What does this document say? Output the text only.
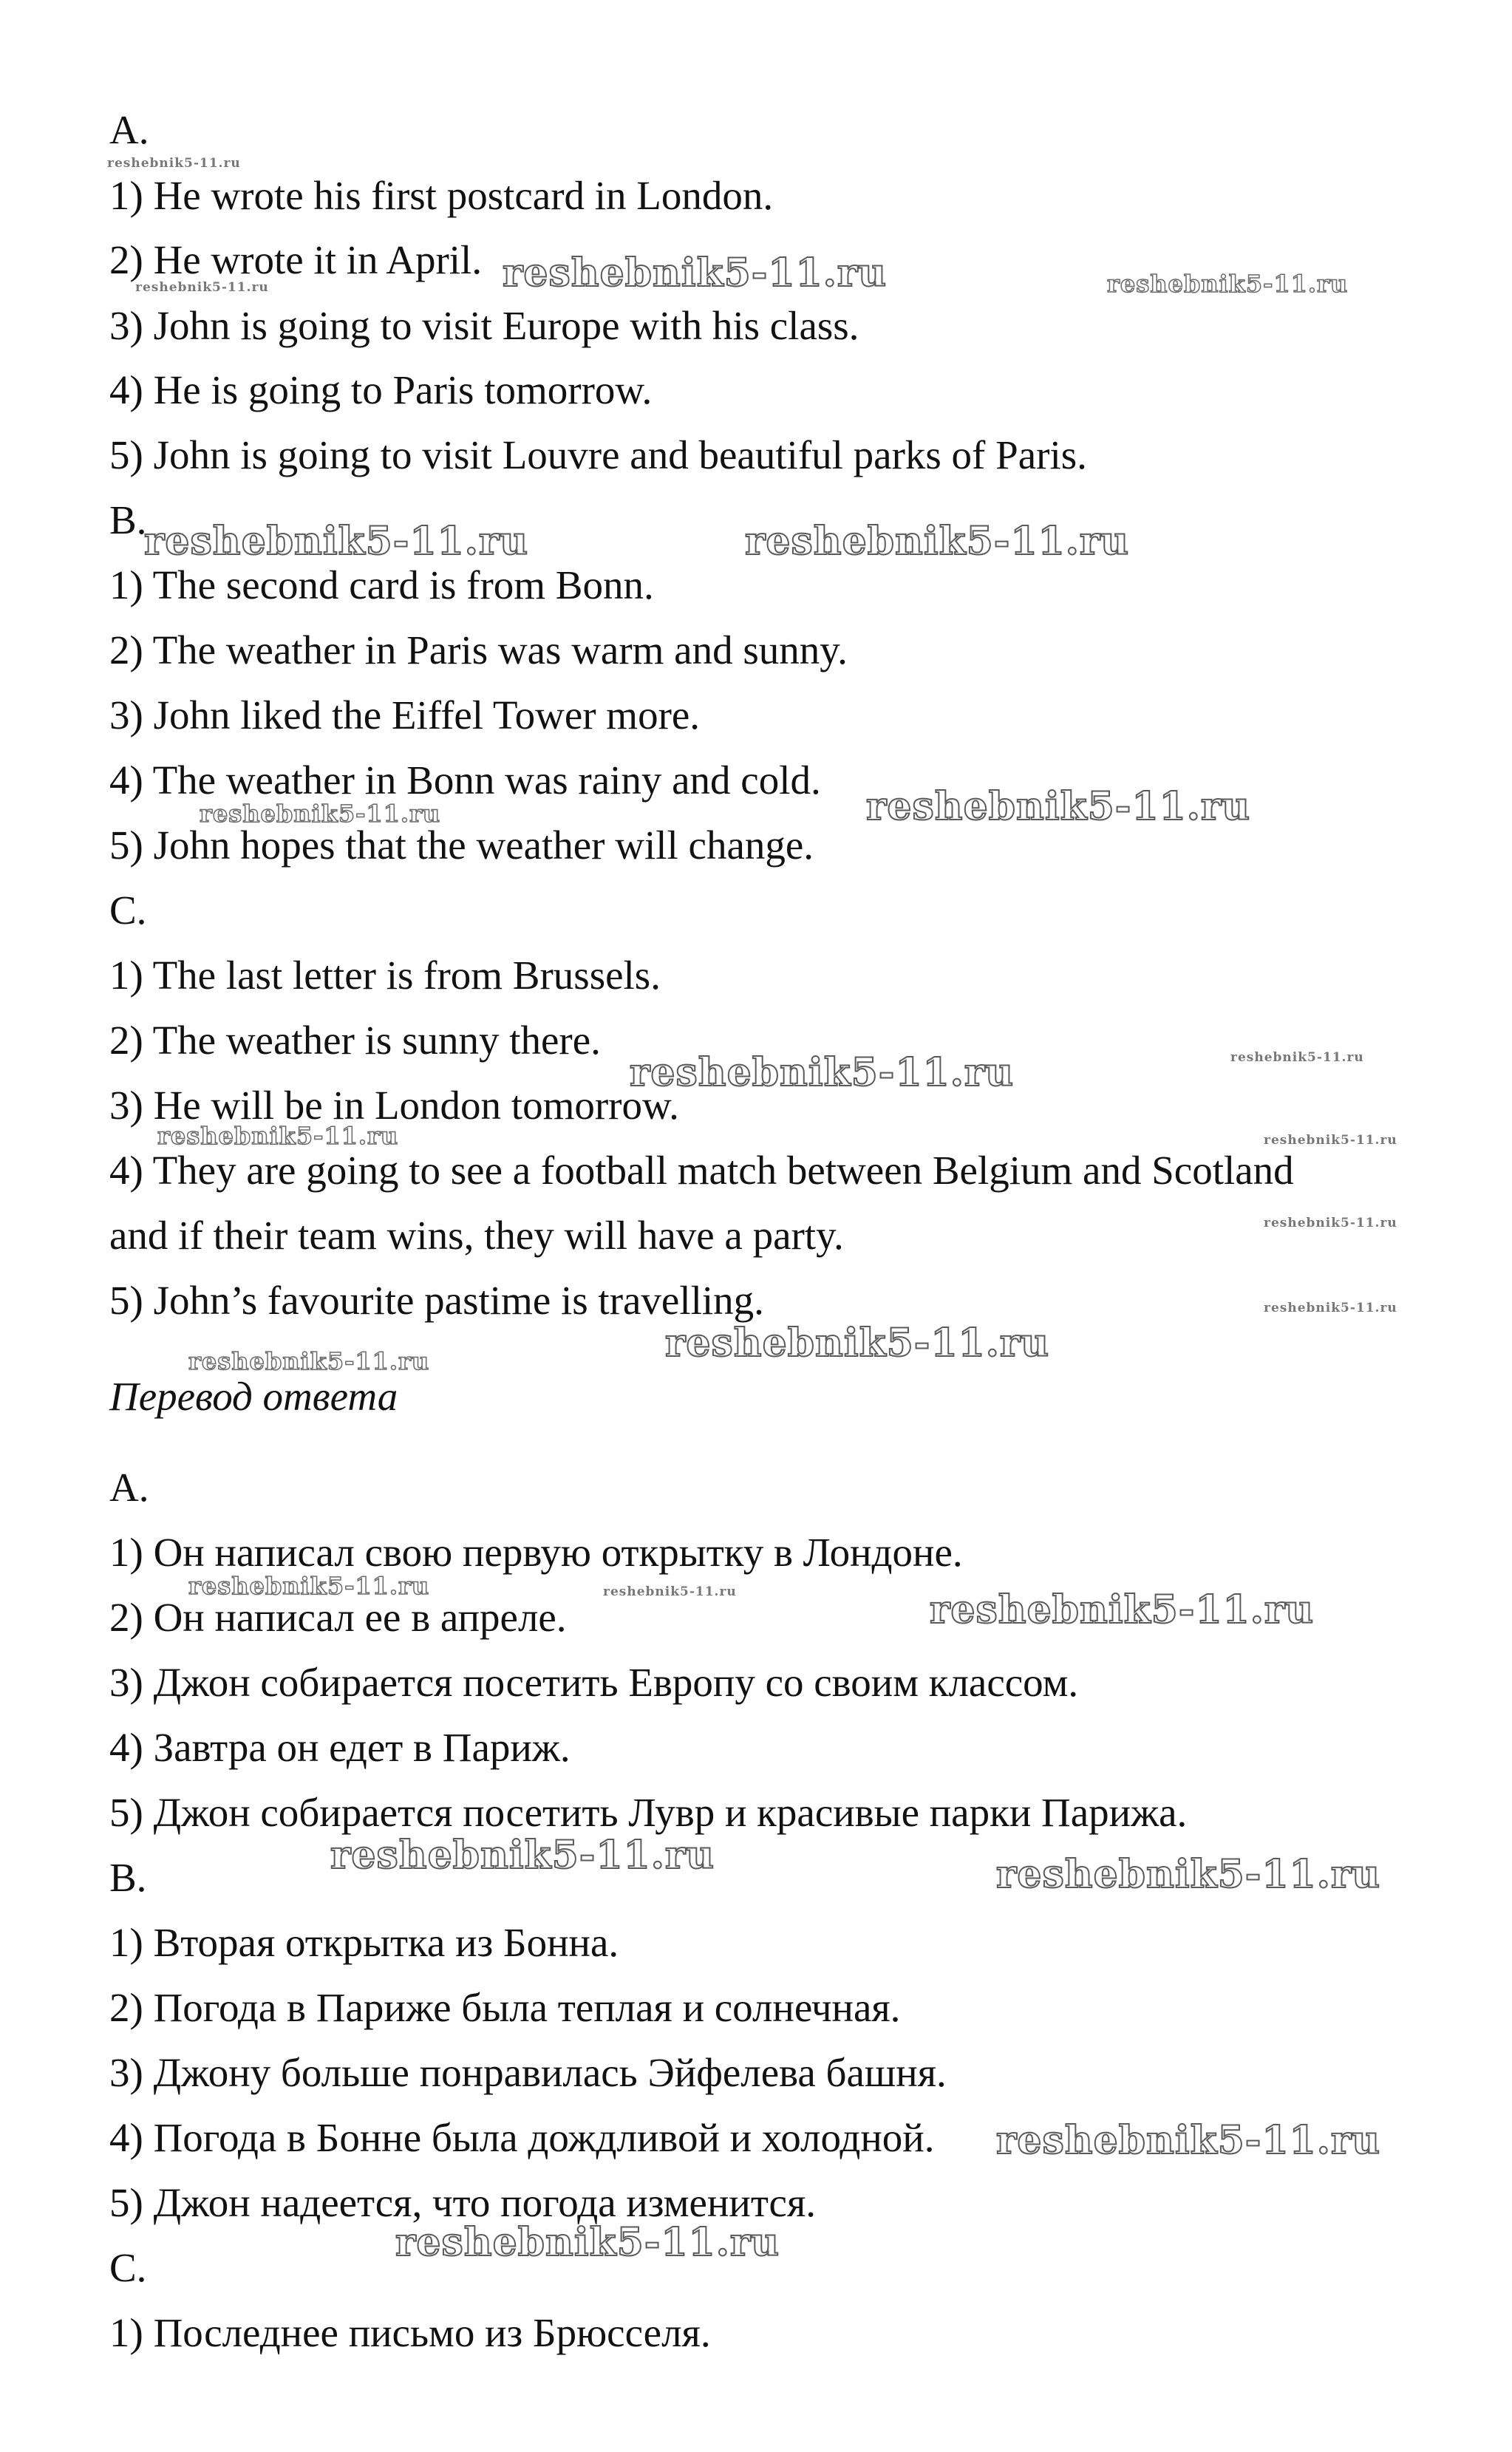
A.
1) He wrote his first postcard in London.
2) He wrote it in April.
3) John is going to visit Europe with his class.
4) He is going to Paris tomorrow.
5) John is going to visit Louvre and beautiful parks of Paris.
B.
1) The second card is from Bonn.
2) The weather in Paris was warm and sunny.
3) John liked the Eiffel Tower more.
4) The weather in Bonn was rainy and cold.
5) John hopes that the weather will change.
C.
1) The last letter is from Brussels.
2) The weather is sunny there.
3) He will be in London tomorrow.
4) They are going to see a football match between Belgium and Scotland
and if their team wins, they will have a party.
5) John’s favourite pastime is travelling.
Перевод ответа
A.
1) Он написал свою первую открытку в Лондоне.
2) Он написал ее в апреле.
3) Джон собирается посетить Европу со своим классом.
4) Завтра он едет в Париж.
5) Джон собирается посетить Лувр и красивые парки Парижа.
B.
1) Вторая открытка из Бонна.
2) Погода в Париже была теплая и солнечная.
3) Джону больше понравилась Эйфелева башня.
4) Погода в Бонне была дождливой и холодной.
5) Джон надеется, что погода изменится.
C.
1) Последнее письмо из Брюсселя.
reshebnik5-11.ru
reshebnik5-11.ru
reshebnik5-11.ru	reshebnik5-11.ru
reshebnik5-11.ru	reshebnik5-11.ru
reshebnik5-11.ru	reshebnik5-11.ru
reshebnik5-11.ru
reshebnik5-11.ru
reshebnik5-11.ru	reshebnik5-11.ru
reshebnik5-11.ru
reshebnik5-11.ru
reshebnik5-11.ru
reshebnik5-11.ru
reshebnik5-11.ru	reshebnik5-11.ru	reshebnik5-11.ru
reshebnik5-11.ru	reshebnik5-11.ru
reshebnik5-11.ru
reshebnik5-11.ru
